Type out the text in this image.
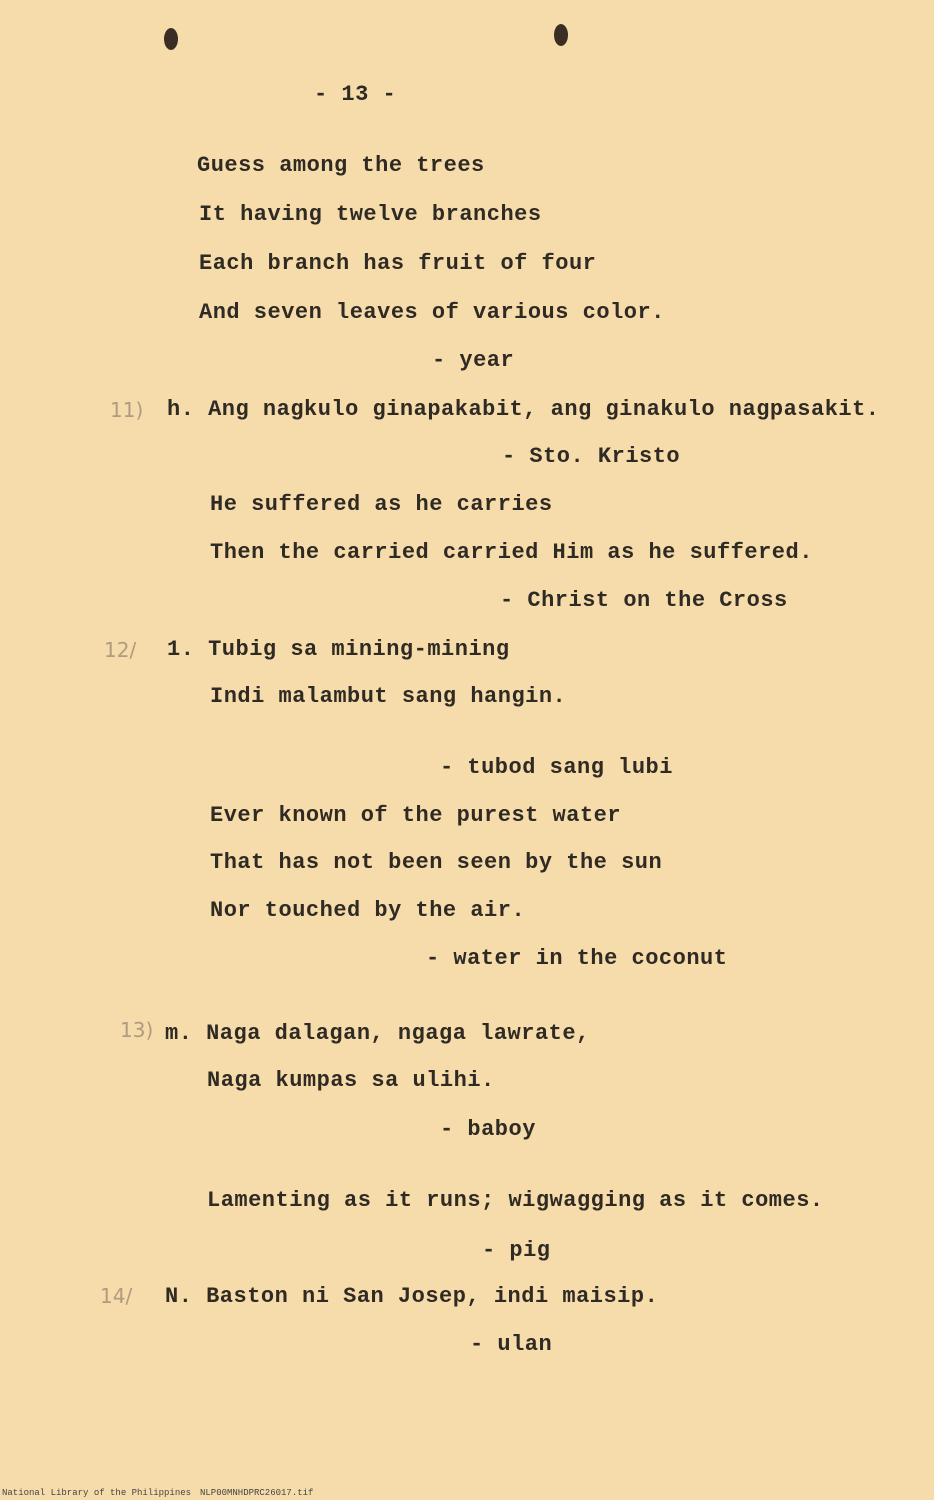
- 13 -
Guess among the trees
It having twelve branches
Each branch has fruit of four
And seven leaves of various color.
- year
11) h. Ang nagkulo ginapakabit, ang ginakulo nagpasakit.
- Sto. Kristo
He suffered as he carries
Then the carried carried Him as he suffered.
- Christ on the Cross
12/ 1. Tubig sa mining-mining
Indi malambut sang hangin.
- tubod sang lubi
Ever known of the purest water
That has not been seen by the sun
Nor touched by the air.
- water in the coconut
13) m. Naga dalagan, ngaga lawrate,
Naga kumpas sa ulihi.
- baboy
Lamenting as it runs; wigwagging as it comes.
- pig
14/ N. Baston ni San Josep, indi maisip.
- ulan
National Library of the Philippines NLP00MNHDPRC26017.tif
